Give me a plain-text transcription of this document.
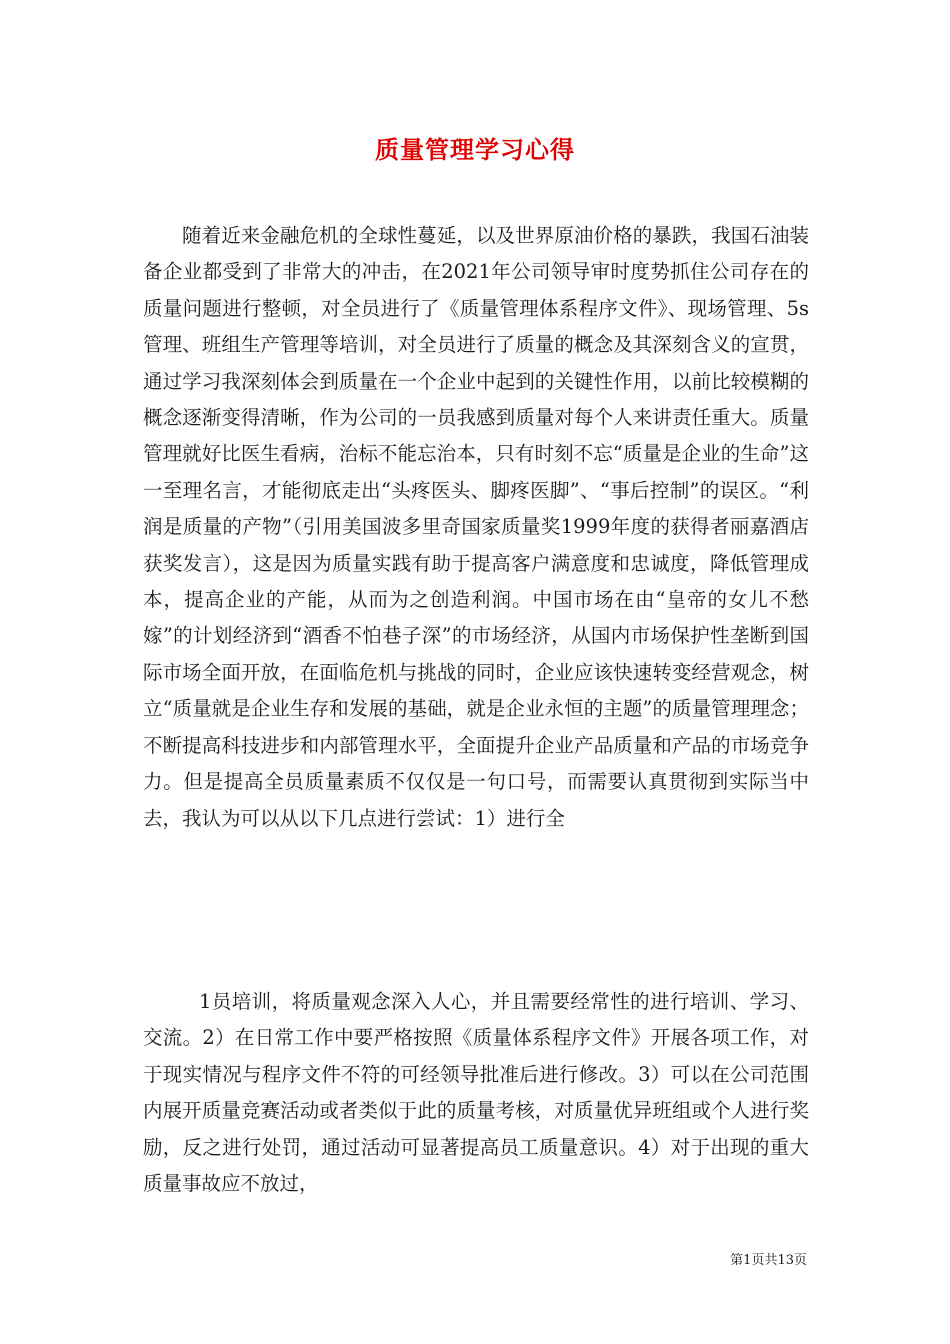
质量管理学习心得
随着近来金融危机的全球性蔓延，以及世界原油价格的暴跌，我国石油装备企业都受到了非常大的冲击，在2021年公司领导审时度势抓住公司存在的质量问题进行整顿，对全员进行了《质量管理体系程序文件》、现场管理、5s管理、班组生产管理等培训，对全员进行了质量的概念及其深刻含义的宣贯，通过学习我深刻体会到质量在一个企业中起到的关键性作用，以前比较模糊的概念逐渐变得清晰，作为公司的一员我感到质量对每个人来讲责任重大。质量管理就好比医生看病，治标不能忘治本，只有时刻不忘“质量是企业的生命”这一至理名言，才能彻底走出“头疼医头、脚疼医脚”、“事后控制”的误区。“利润是质量的产物”（引用美国波多里奇国家质量奖1999年度的获得者丽嘉酒店获奖发言），这是因为质量实践有助于提高客户满意度和忠诚度，降低管理成本，提高企业的产能，从而为之创造利润。中国市场在由“皇帝的女儿不愁嫁”的计划经济到“酒香不怕巷子深”的市场经济，从国内市场保护性垄断到国际市场全面开放，在面临危机与挑战的同时，企业应该快速转变经营观念，树立“质量就是企业生存和发展的基础，就是企业永恒的主题”的质量管理理念；不断提高科技进步和内部管理水平，全面提升企业产品质量和产品的市场竞争力。但是提高全员质量素质不仅仅是一句口号，而需要认真贯彻到实际当中去，我认为可以从以下几点进行尝试：1）进行全
1员培训，将质量观念深入人心，并且需要经常性的进行培训、学习、交流。2）在日常工作中要严格按照《质量体系程序文件》开展各项工作，对于现实情况与程序文件不符的可经领导批准后进行修改。3）可以在公司范围内展开质量竞赛活动或者类似于此的质量考核，对质量优异班组或个人进行奖励，反之进行处罚，通过活动可显著提高员工质量意识。4）对于出现的重大质量事故应不放过，
第1页共13页
